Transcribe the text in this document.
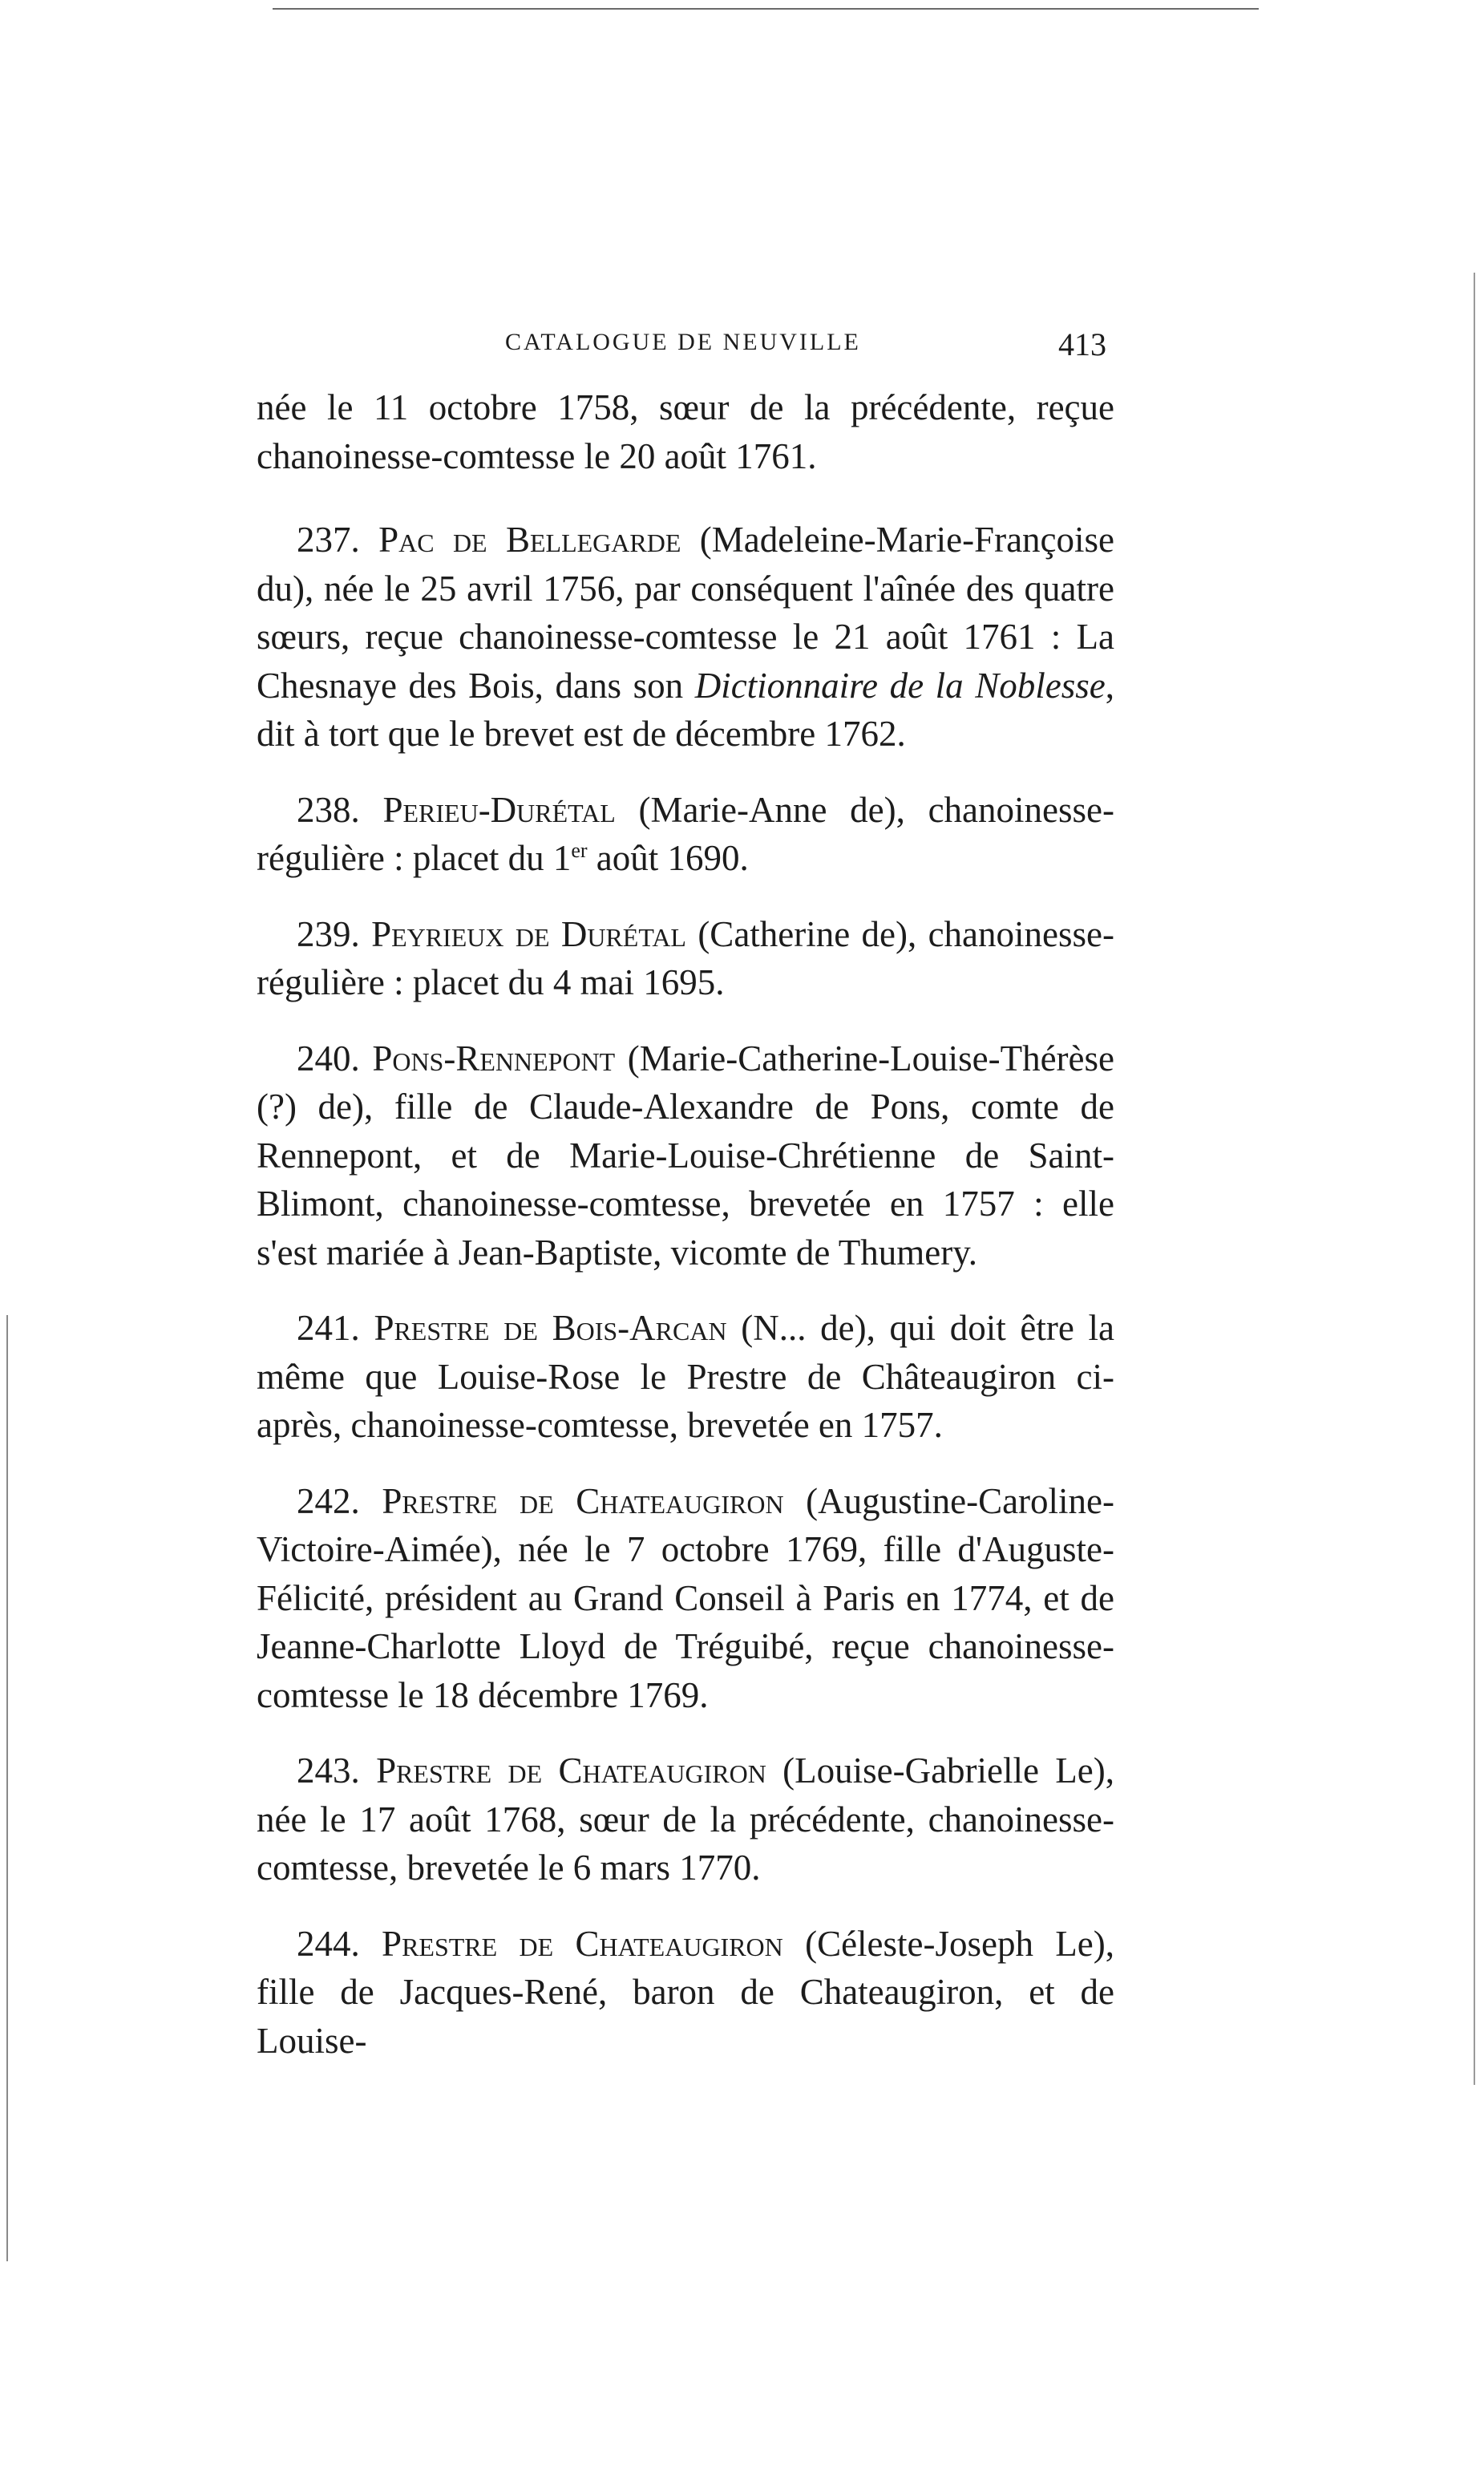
CATALOGUE DE NEUVILLE	413

née le 11 octobre 1758, sœur de la précédente, reçue chanoinesse-comtesse le 20 août 1761.

237. Pac de Bellegarde (Madeleine-Marie-Françoise du), née le 25 avril 1756, par conséquent l'aînée des quatre sœurs, reçue chanoinesse-comtesse le 21 août 1761 : La Chesnaye des Bois, dans son Dictionnaire de la Noblesse, dit à tort que le brevet est de décembre 1762.

238. Perieu-Durétal (Marie-Anne de), chanoinesse-régulière : placet du 1er août 1690.

239. Peyrieux de Durétal (Catherine de), chanoinesse-régulière : placet du 4 mai 1695.

240. Pons-Rennepont (Marie-Catherine-Louise-Thérèse (?) de), fille de Claude-Alexandre de Pons, comte de Rennepont, et de Marie-Louise-Chrétienne de Saint-Blimont, chanoinesse-comtesse, brevetée en 1757 : elle s'est mariée à Jean-Baptiste, vicomte de Thumery.

241. Prestre de Bois-Arcan (N... de), qui doit être la même que Louise-Rose le Prestre de Châteaugiron ci-après, chanoinesse-comtesse, brevetée en 1757.

242. Prestre de Chateaugiron (Augustine-Caroline-Victoire-Aimée), née le 7 octobre 1769, fille d'Auguste-Félicité, président au Grand Conseil à Paris en 1774, et de Jeanne-Charlotte Lloyd de Tréguibé, reçue chanoinesse-comtesse le 18 décembre 1769.

243. Prestre de Chateaugiron (Louise-Gabrielle Le), née le 17 août 1768, sœur de la précédente, chanoinesse-comtesse, brevetée le 6 mars 1770.

244. Prestre de Chateaugiron (Céleste-Joseph Le), fille de Jacques-René, baron de Chateaugiron, et de Louise-
